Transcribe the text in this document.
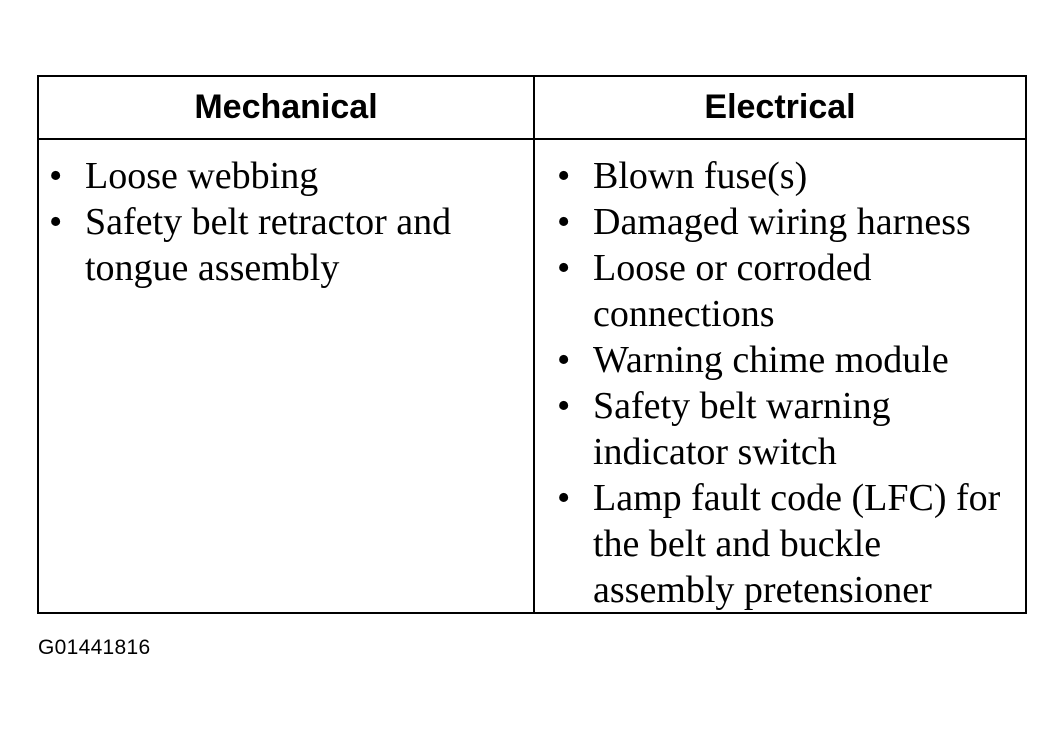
Mechanical	Electrical
• Loose webbing
• Safety belt retractor and tongue assembly
• Blown fuse(s)
• Damaged wiring harness
• Loose or corroded connections
• Warning chime module
• Safety belt warning indicator switch
• Lamp fault code (LFC) for the belt and buckle assembly pretensioner
G01441816
